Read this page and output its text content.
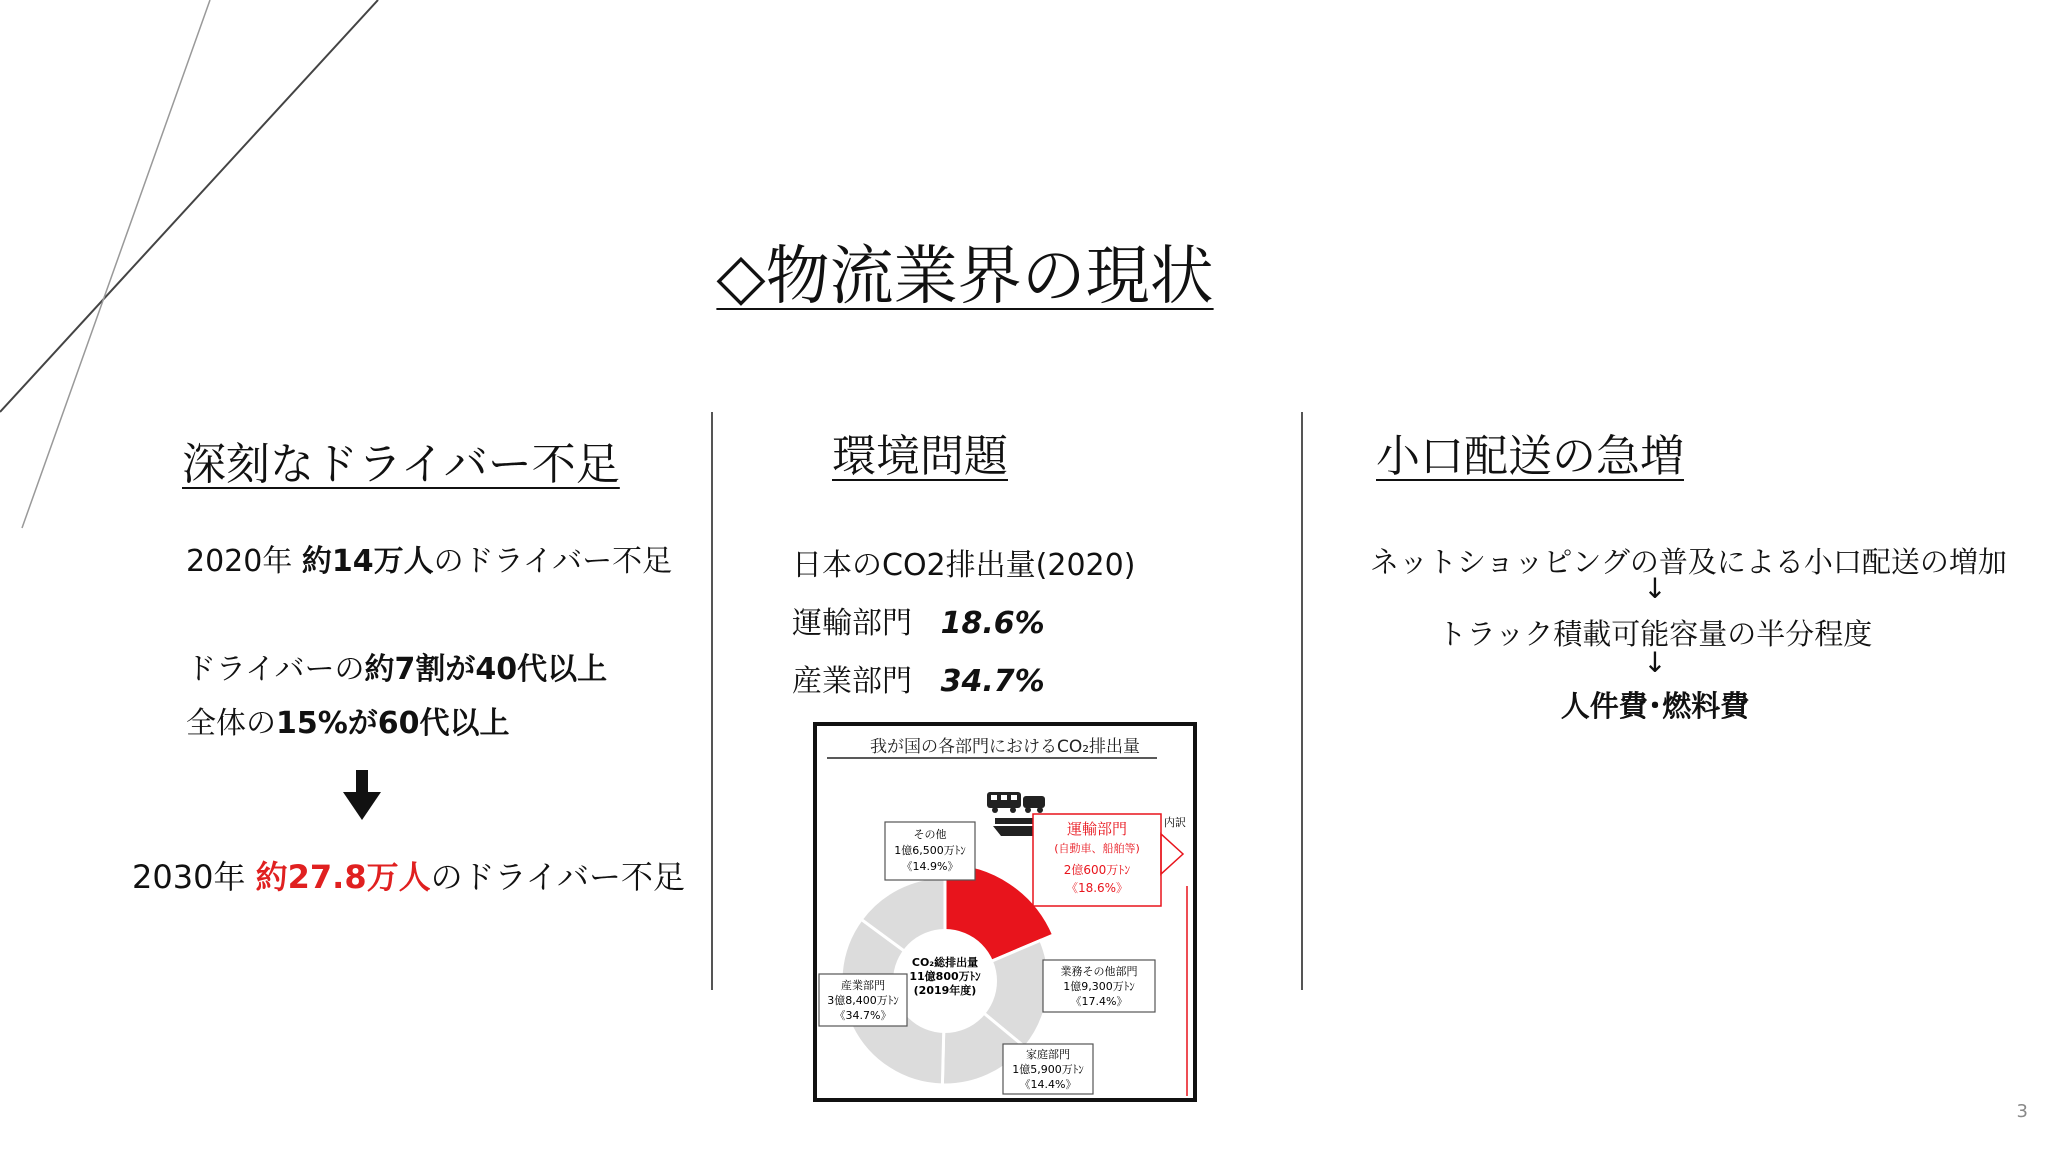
◇物流業界の現状
深刻なドライバー不足
2020年 約14万人のドライバー不足
ドライバーの約7割が40代以上
全体の15%が60代以上
2030年 約27.8万人のドライバー不足
環境問題
日本のCO2排出量(2020)
運輸部門 18.6%
産業部門 34.7%
我が国の各部門におけるCO₂排出量
CO₂総排出量
11億800万ﾄﾝ
(2019年度)
運輸部門
(自動車、船舶等)
2億600万ﾄﾝ
《18.6%》
内訳
その他
1億6,500万ﾄﾝ
《14.9%》
業務その他部門
1億9,300万ﾄﾝ
《17.4%》
家庭部門
1億5,900万ﾄﾝ
《14.4%》
産業部門
3億8,400万ﾄﾝ
《34.7%》
小口配送の急増
ネットショッピングの普及による小口配送の増加
↓
トラック積載可能容量の半分程度
↓
人件費･燃料費
3
